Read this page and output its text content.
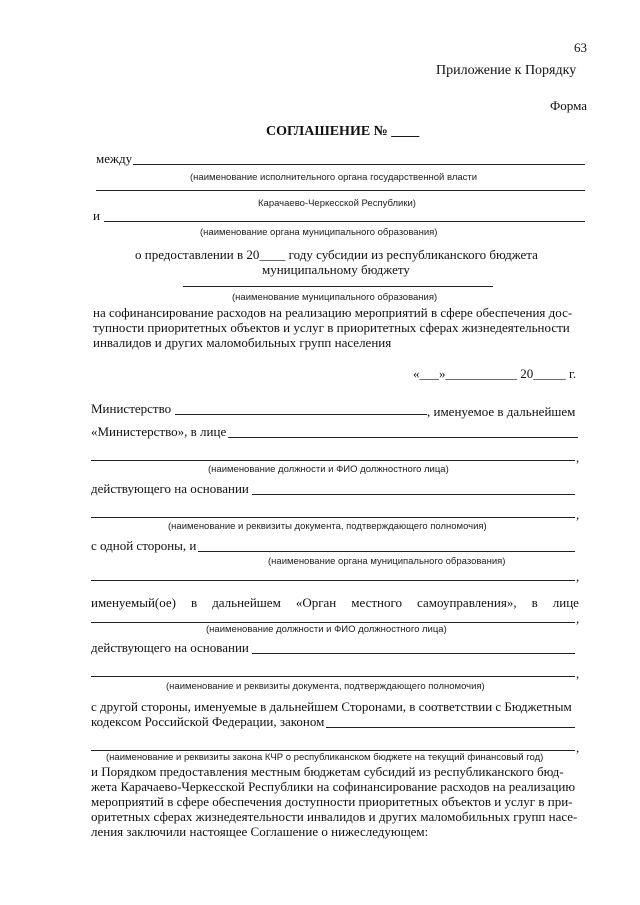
63
Приложение к Порядку
Форма
СОГЛАШЕНИЕ № ____
между
(наименование исполнительного органа государственной власти
Карачаево-Черкесской Республики)
и
(наименование органа муниципального образования)
о предоставлении в 20____ году субсидии из республиканского бюджета
муниципальному бюджету
(наименование муниципального образования)
на софинансирование расходов на реализацию мероприятий в сфере обеспечения дос-
тупности приоритетных объектов и услуг в приоритетных сферах жизнедеятельности
инвалидов и других маломобильных групп населения
«___»___________ 20_____ г.
Министерство	, именуемое в дальнейшем
«Министерство», в лице
,
(наименование должности и ФИО должностного лица)
действующего на основании
,
(наименование и реквизиты документа, подтверждающего полномочия)
с одной стороны, и
(наименование органа муниципального образования)
,
именуемый(ое) в дальнейшем «Орган местного самоуправления», в лице
,
(наименование должности и ФИО должностного лица)
действующего на основании
,
(наименование и реквизиты документа, подтверждающего полномочия)
с другой стороны, именуемые в дальнейшем Сторонами, в соответствии с Бюджетным
кодексом Российской Федерации, законом
,
(наименование и реквизиты закона КЧР о республиканском бюджете на текущий финансовый год)
и Порядком предоставления местным бюджетам субсидий из республиканского бюд-
жета Карачаево-Черкесской Республики на софинансирование расходов на реализацию
мероприятий в сфере обеспечения доступности приоритетных объектов и услуг в при-
оритетных сферах жизнедеятельности инвалидов и других маломобильных групп насе-
ления заключили настоящее Соглашение о нижеследующем:
